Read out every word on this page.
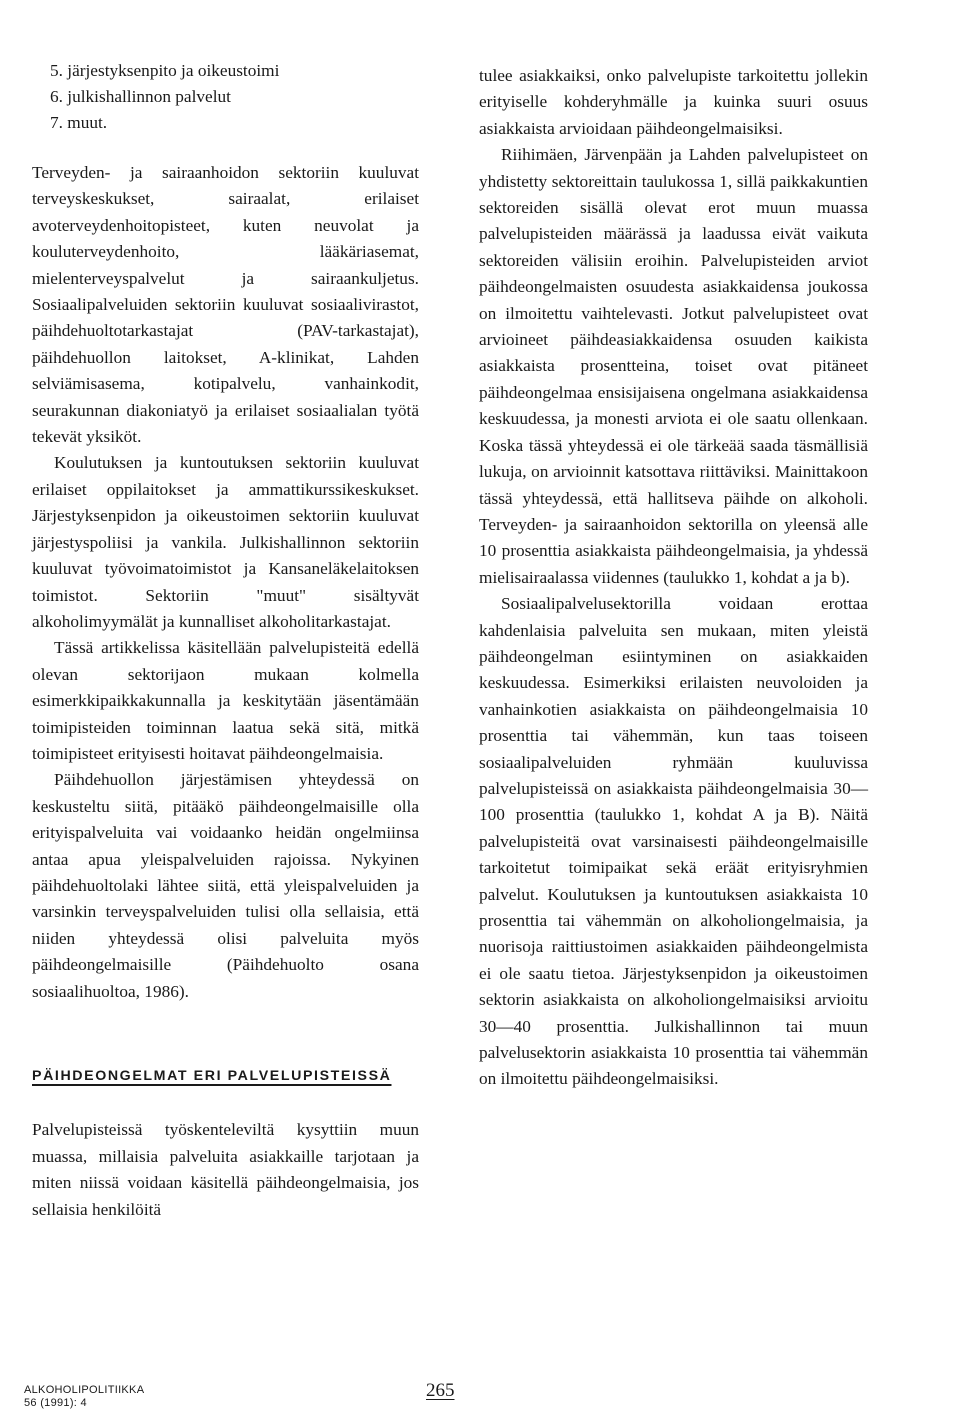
5. järjestyksenpito ja oikeustoimi
6. julkishallinnon palvelut
7. muut.

Terveyden- ja sairaanhoidon sektoriin kuuluvat terveyskeskukset, sairaalat, erilaiset avoterveydenhoitopisteet, kuten neuvolat ja kouluterveydenhoito, lääkäriasemat, mielenterveyspalvelut ja sairaankuljetus. Sosiaalipalveluiden sektoriin kuuluvat sosiaalivirastot, päihdehuoltotarkastajat (PAV-tarkastajat), päihdehuollon laitokset, A-klinikat, Lahden selviämisasema, kotipalvelu, vanhainkodit, seurakunnan diakoniatyö ja erilaiset sosiaalialan työtä tekevät yksiköt.

Koulutuksen ja kuntoutuksen sektoriin kuuluvat erilaiset oppilaitokset ja ammattikurssikeskukset. Järjestyksenpidon ja oikeustoimen sektoriin kuuluvat järjestyspoliisi ja vankila. Julkishallinnon sektoriin kuuluvat työvoimatoimistot ja Kansaneläkelaitoksen toimistot. Sektoriin "muut" sisältyvät alkoholimyymälät ja kunnalliset alkoholitarkastajat.

Tässä artikkelissa käsitellään palvelupisteitä edellä olevan sektorijaon mukaan kolmella esimerkkipaikkakunnalla ja keskitytään jäsentämään toimipisteiden toiminnan laatua sekä sitä, mitkä toimipisteet erityisesti hoitavat päihdeongelmaisia.

Päihdehuollon järjestämisen yhteydessä on keskusteltu siitä, pitääkö päihdeongelmaisille olla erityispalveluita vai voidaanko heidän ongelmiinsa antaa apua yleispalveluiden rajoissa. Nykyinen päihdehuoltolaki lähtee siitä, että yleispalveluiden ja varsinkin terveyspalveluiden tulisi olla sellaisia, että niiden yhteydessä olisi palveluita myös päihdeongelmaisille (Päihdehuolto osana sosiaalihuoltoa, 1986).

PÄIHDEONGELMAT ERI PALVELUPISTEISSÄ

Palvelupisteissä työskenteleviltä kysyttiin muun muassa, millaisia palveluita asiakkaille tarjotaan ja miten niissä voidaan käsitellä päihdeongelmaisia, jos sellaisia henkilöitä

tulee asiakkaiksi, onko palvelupiste tarkoitettu jollekin erityiselle kohderyhmälle ja kuinka suuri osuus asiakkaista arvioidaan päihdeongelmaisiksi.

Riihimäen, Järvenpään ja Lahden palvelupisteet on yhdistetty sektoreittain taulukossa 1, sillä paikkakuntien sektoreiden sisällä olevat erot muun muassa palvelupisteiden määrässä ja laadussa eivät vaikuta sektoreiden välisiin eroihin. Palvelupisteiden arviot päihdeongelmaisten osuudesta asiakkaidensa joukossa on ilmoitettu vaihtelevasti. Jotkut palvelupisteet ovat arvioineet päihdeasiakkaidensa osuuden kaikista asiakkaista prosentteina, toiset ovat pitäneet päihdeongelmaa ensisijaisena ongelmana asiakkaidensa keskuudessa, ja monesti arviota ei ole saatu ollenkaan. Koska tässä yhteydessä ei ole tärkeää saada täsmällisiä lukuja, on arvioinnit katsottava riittäviksi. Mainittakoon tässä yhteydessä, että hallitseva päihde on alkoholi. Terveyden- ja sairaanhoidon sektorilla on yleensä alle 10 prosenttia asiakkaista päihdeongelmaisia, ja yhdessä mielisairaalassa viidennes (taulukko 1, kohdat a ja b).

Sosiaalipalvelusektorilla voidaan erottaa kahdenlaisia palveluita sen mukaan, miten yleistä päihdeongelman esiintyminen on asiakkaiden keskuudessa. Esimerkiksi erilaisten neuvoloiden ja vanhainkotien asiakkaista on päihdeongelmaisia 10 prosenttia tai vähemmän, kun taas toiseen sosiaalipalveluiden ryhmään kuuluvissa palvelupisteissä on asiakkaista päihdeongelmaisia 30—100 prosenttia (taulukko 1, kohdat A ja B). Näitä palvelupisteitä ovat varsinaisesti päihdeongelmaisille tarkoitetut toimipaikat sekä eräät erityisryhmien palvelut. Koulutuksen ja kuntoutuksen asiakkaista 10 prosenttia tai vähemmän on alkoholiongelmaisia, ja nuorisoja raittiustoimen asiakkaiden päihdeongelmista ei ole saatu tietoa. Järjestyksenpidon ja oikeustoimen sektorin asiakkaista on alkoholiongelmaisiksi arvioitu 30—40 prosenttia. Julkishallinnon tai muun palvelusektorin asiakkaista 10 prosenttia tai vähemmän on ilmoitettu päihdeongelmaisiksi.

ALKOHOLIPOLITIIKKA
56 (1991): 4
265
